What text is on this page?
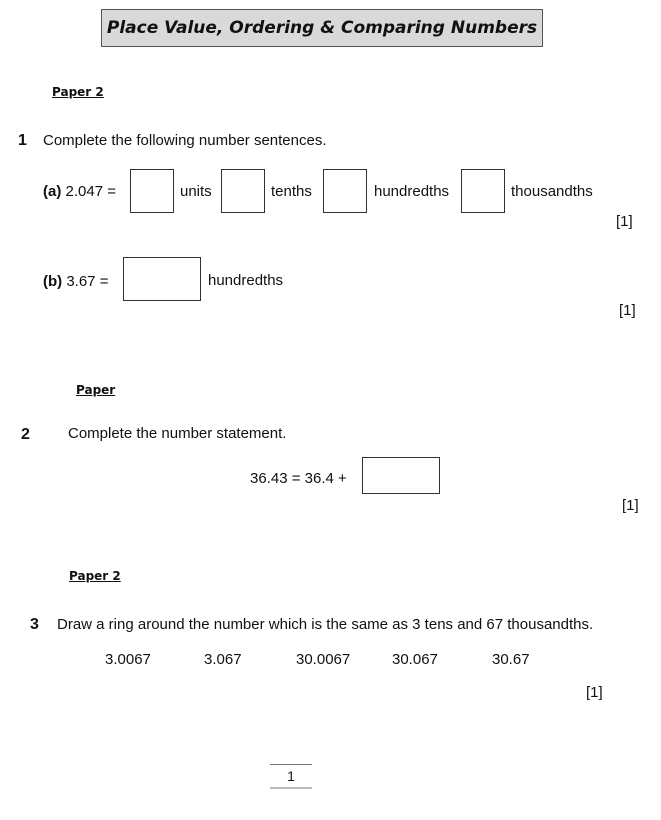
Place Value, Ordering & Comparing Numbers
Paper 2
1 Complete the following number sentences.
(a) 2.047 =	units	tenths	hundredths	thousandths
[1]
(b) 3.67 =	hundredths
[1]
Paper
2	Complete the number statement.
36.43 = 36.4 +
[1]
Paper 2
3 Draw a ring around the number which is the same as 3 tens and 67 thousandths.
3.0067	3.067	30.0067	30.067	30.67
[1]
1
